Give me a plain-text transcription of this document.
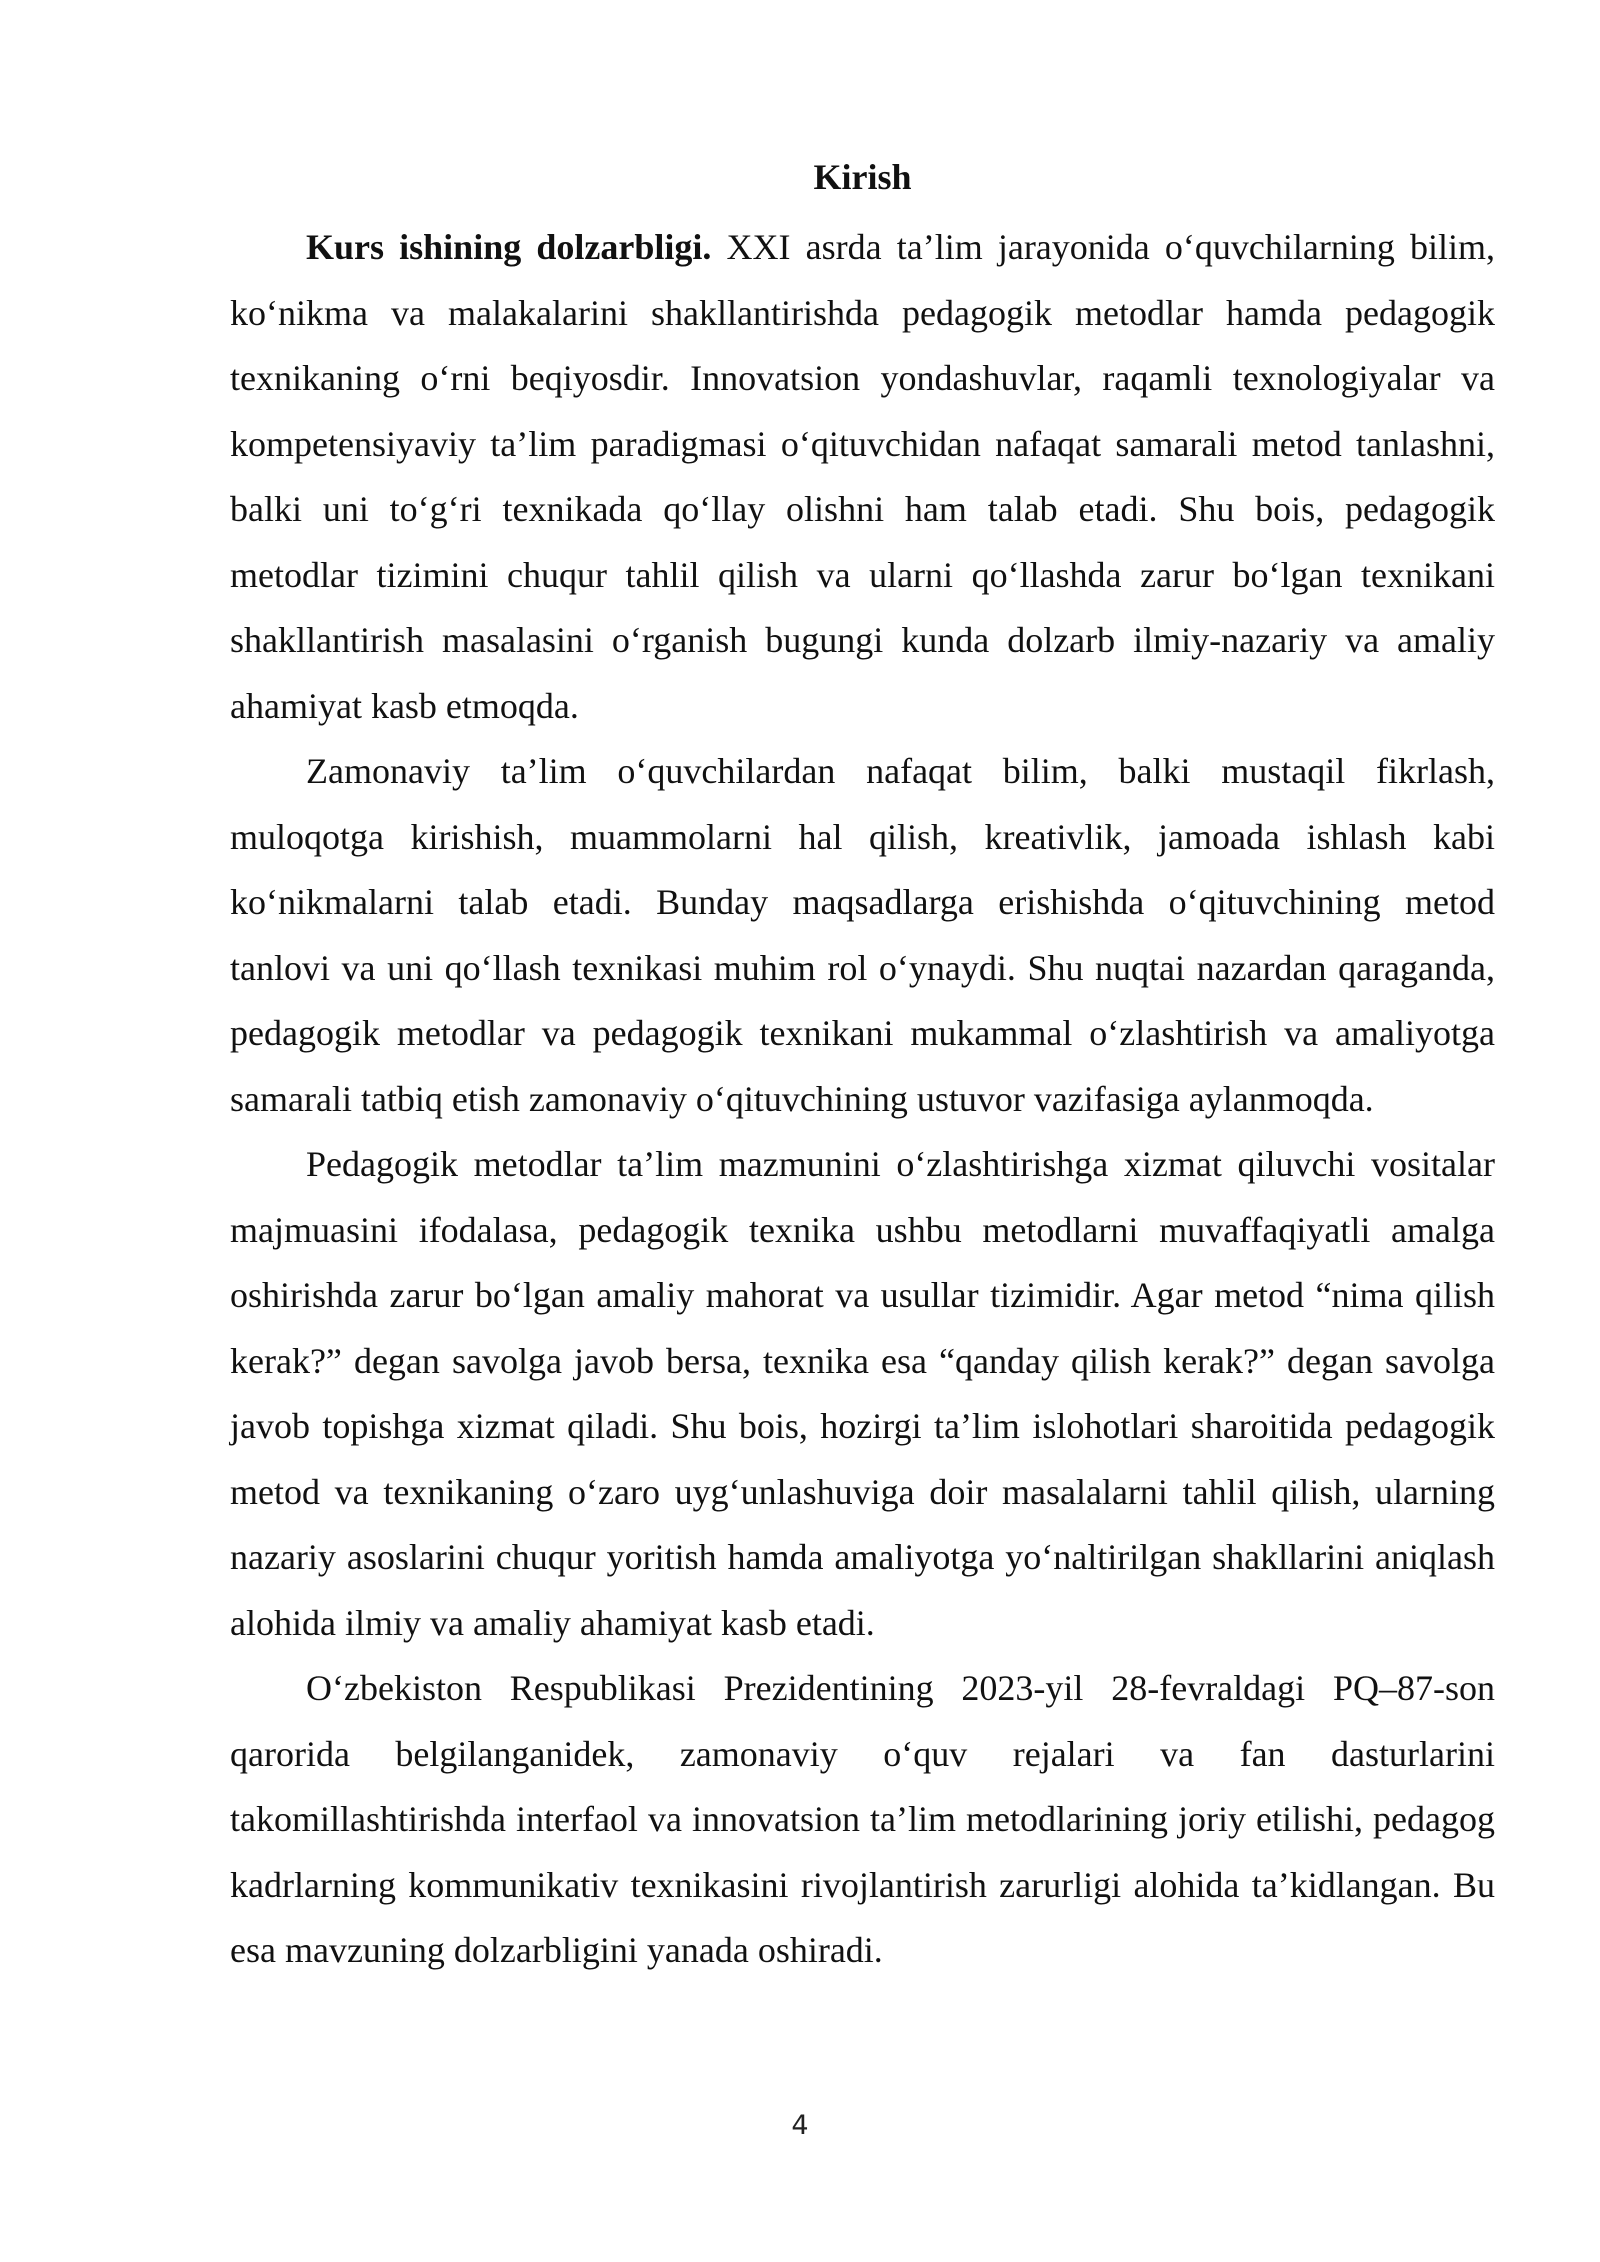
Kirish

Kurs ishining dolzarbligi. XXI asrda ta’lim jarayonida o‘quvchilarning bilim, ko‘nikma va malakalarini shakllantirishda pedagogik metodlar hamda pedagogik texnikaning o‘rni beqiyosdir. Innovatsion yondashuvlar, raqamli texnologiyalar va kompetensiyaviy ta’lim paradigmasi o‘qituvchidan nafaqat samarali metod tanlashni, balki uni to‘g‘ri texnikada qo‘llay olishni ham talab etadi. Shu bois, pedagogik metodlar tizimini chuqur tahlil qilish va ularni qo‘llashda zarur bo‘lgan texnikani shakllantirish masalasini o‘rganish bugungi kunda dolzarb ilmiy-nazariy va amaliy ahamiyat kasb etmoqda.

Zamonaviy ta’lim o‘quvchilardan nafaqat bilim, balki mustaqil fikrlash, muloqotga kirishish, muammolarni hal qilish, kreativlik, jamoada ishlash kabi ko‘nikmalarni talab etadi. Bunday maqsadlarga erishishda o‘qituvchining metod tanlovi va uni qo‘llash texnikasi muhim rol o‘ynaydi. Shu nuqtai nazardan qaraganda, pedagogik metodlar va pedagogik texnikani mukammal o‘zlashtirish va amaliyotga samarali tatbiq etish zamonaviy o‘qituvchining ustuvor vazifasiga aylanmoqda.

Pedagogik metodlar ta’lim mazmunini o‘zlashtirishga xizmat qiluvchi vositalar majmuasini ifodalasa, pedagogik texnika ushbu metodlarni muvaffaqiyatli amalga oshirishda zarur bo‘lgan amaliy mahorat va usullar tizimidir. Agar metod “nima qilish kerak?” degan savolga javob bersa, texnika esa “qanday qilish kerak?” degan savolga javob topishga xizmat qiladi. Shu bois, hozirgi ta’lim islohotlari sharoitida pedagogik metod va texnikaning o‘zaro uyg‘unlashuviga doir masalalarni tahlil qilish, ularning nazariy asoslarini chuqur yoritish hamda amaliyotga yo‘naltirilgan shakllarini aniqlash alohida ilmiy va amaliy ahamiyat kasb etadi.

O‘zbekiston Respublikasi Prezidentining 2023-yil 28-fevraldagi PQ–87-son qarorida belgilanganidek, zamonaviy o‘quv rejalari va fan dasturlarini takomillashtirishda interfaol va innovatsion ta’lim metodlarining joriy etilishi, pedagog kadrlarning kommunikativ texnikasini rivojlantirish zarurligi alohida ta’kidlangan. Bu esa mavzuning dolzarbligini yanada oshiradi.

4
